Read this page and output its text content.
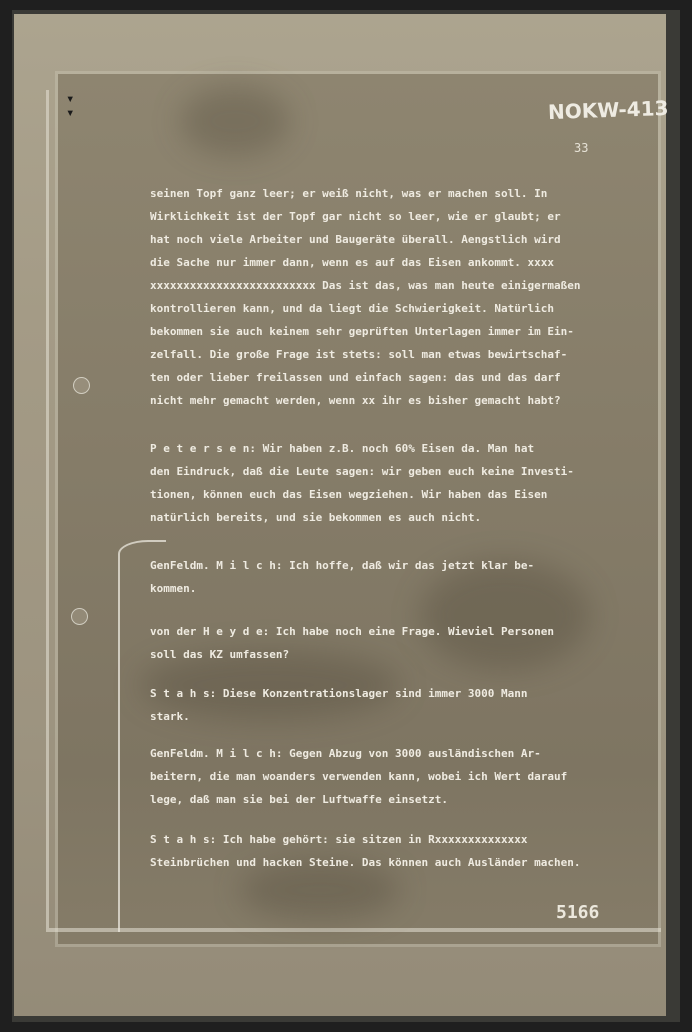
▾
▾	NOKW-413
33
seinen Topf ganz leer; er weiß nicht, was er machen soll. In
Wirklichkeit ist der Topf gar nicht so leer, wie er glaubt; er
hat noch viele Arbeiter und Baugeräte überall. Aengstlich wird
die Sache nur immer dann, wenn es auf das Eisen ankommt. xxxx
xxxxxxxxxxxxxxxxxxxxxxxxx Das ist das, was man heute einigermaßen
kontrollieren kann, und da liegt die Schwierigkeit. Natürlich
bekommen sie auch keinem sehr geprüften Unterlagen immer im Ein-
zelfall. Die große Frage ist stets: soll man etwas bewirtschaf-
ten oder lieber freilassen und einfach sagen: das und das darf
nicht mehr gemacht werden, wenn xx ihr es bisher gemacht habt?
P e t e r s e n: Wir haben z.B. noch 60% Eisen da. Man hat
den Eindruck, daß die Leute sagen: wir geben euch keine Investi-
tionen, können euch das Eisen wegziehen. Wir haben das Eisen
natürlich bereits, und sie bekommen es auch nicht.
GenFeldm. M i l c h: Ich hoffe, daß wir das jetzt klar be-
kommen.
von der H e y d e: Ich habe noch eine Frage. Wieviel Personen
soll das KZ umfassen?
S t a h s: Diese Konzentrationslager sind immer 3000 Mann
stark.
GenFeldm. M i l c h: Gegen Abzug von 3000 ausländischen Ar-
beitern, die man woanders verwenden kann, wobei ich Wert darauf
lege, daß man sie bei der Luftwaffe einsetzt.
S t a h s: Ich habe gehört: sie sitzen in Rxxxxxxxxxxxxxx
Steinbrüchen und hacken Steine. Das können auch Ausländer machen.
5166
